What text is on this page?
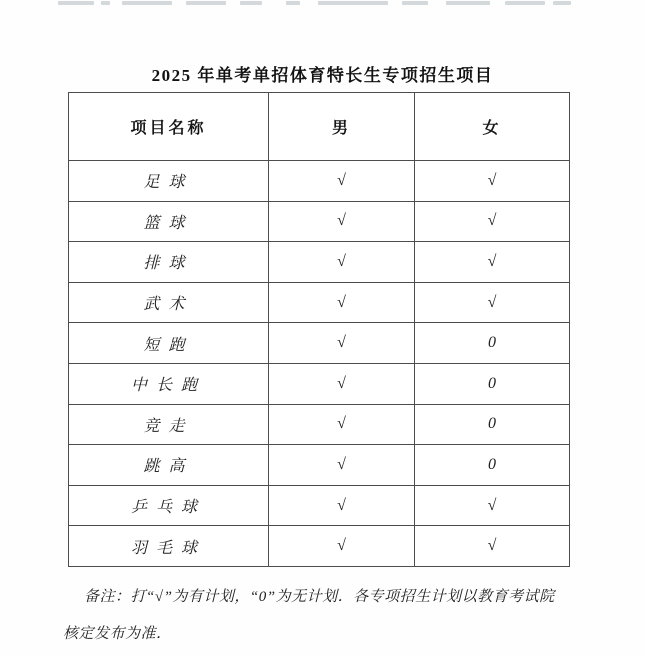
2025 年单考单招体育特长生专项招生项目
项目名称	男	女
足球	√	√
篮球	√	√
排球	√	√
武术	√	√
短跑	√	0
中长跑	√	0
竞走	√	0
跳高	√	0
乒乓球	√	√
羽毛球	√	√
备注：打“√”为有计划，“0”为无计划．各专项招生计划以教育考试院
核定发布为准．
